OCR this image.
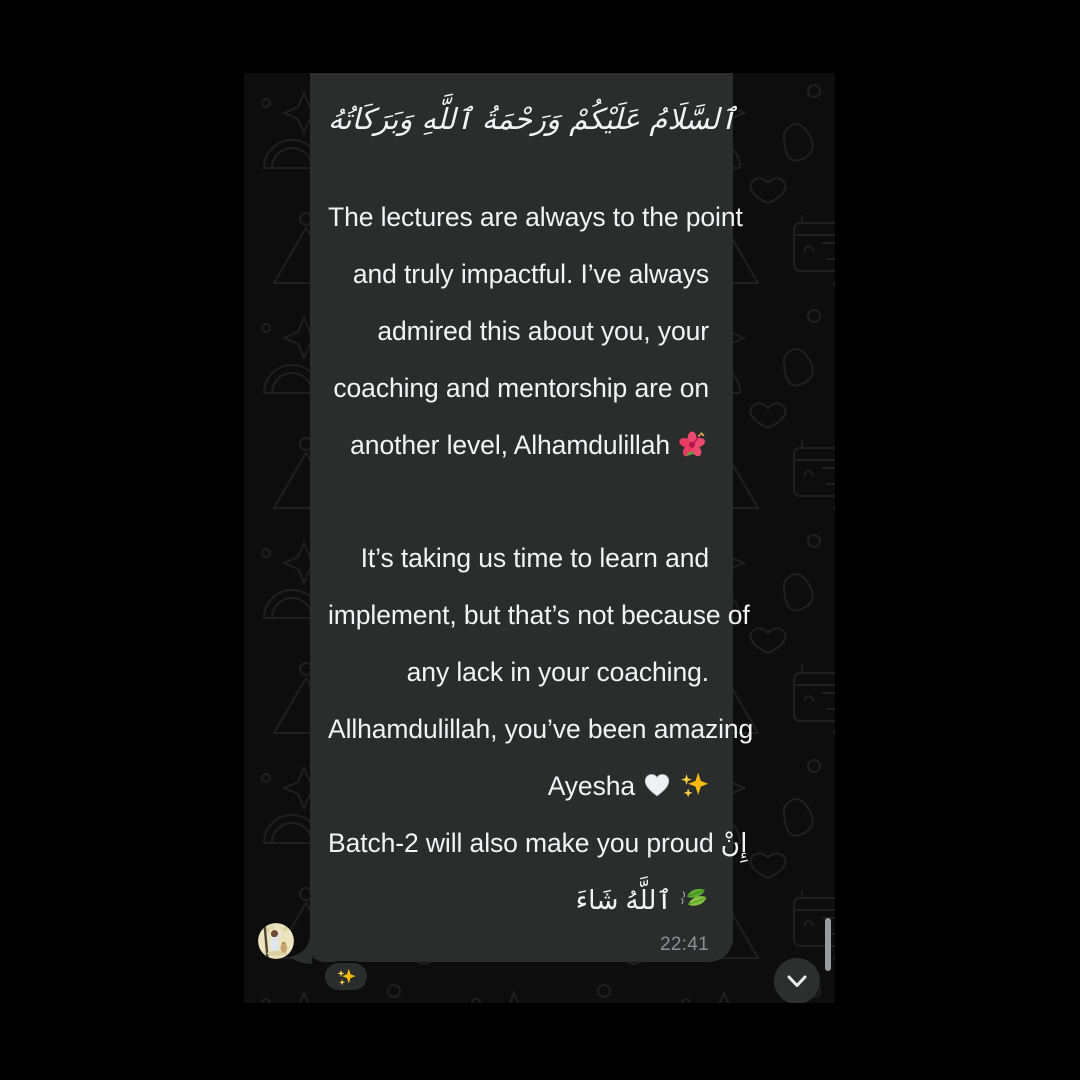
ٱلسَّلَامُ عَلَيْكُمْ وَرَحْمَةُ ٱللَّهِ وَبَرَكَاتُهُ
The lectures are always to the point
and truly impactful. I’ve always
admired this about you, your
coaching and mentorship are on
another level, Alhamdulillah
It’s taking us time to learn and
implement, but that’s not because of
any lack in your coaching.
Allhamdulillah, you’ve been amazing
Ayesha
Batch-2 will also make you proud إِنْ
شَاءَ ٱللَّهُ
22:41
